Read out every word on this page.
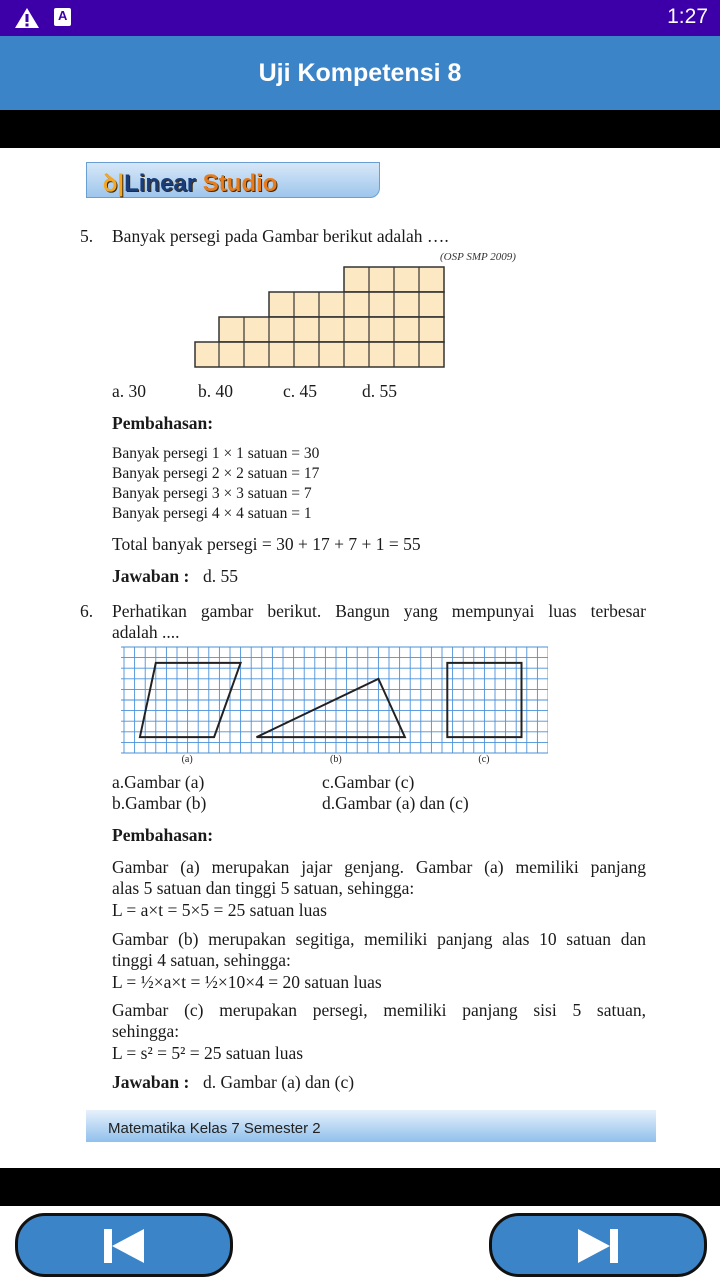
A	1:27
Uji Kompetensi 8
ꝺ|Linear Studio
5. Banyak persegi pada Gambar berikut adalah ….
(OSP SMP 2009)
a. 30	b. 40	c. 45	d. 55
Pembahasan:
Banyak persegi 1 × 1 satuan = 30
Banyak persegi 2 × 2 satuan = 17
Banyak persegi 3 × 3 satuan = 7
Banyak persegi 4 × 4 satuan = 1
Total banyak persegi = 30 + 17 + 7 + 1 = 55
Jawaban : d. 55
6. Perhatikan gambar berikut. Bangun yang mempunyai luas terbesar
adalah ....
(a)	(b)	(c)
a.Gambar (a)	c.Gambar (c)
b.Gambar (b)	d.Gambar (a) dan (c)
Pembahasan:
Gambar (a) merupakan jajar genjang. Gambar (a) memiliki panjang
alas 5 satuan dan tinggi 5 satuan, sehingga:
L = a×t = 5×5 = 25 satuan luas
Gambar (b) merupakan segitiga, memiliki panjang alas 10 satuan dan
tinggi 4 satuan, sehingga:
L = ½×a×t = ½×10×4 = 20 satuan luas
Gambar (c) merupakan persegi, memiliki panjang sisi 5 satuan,
sehingga:
L = s² = 5² = 25 satuan luas
Jawaban : d. Gambar (a) dan (c)
Matematika Kelas 7 Semester 2
